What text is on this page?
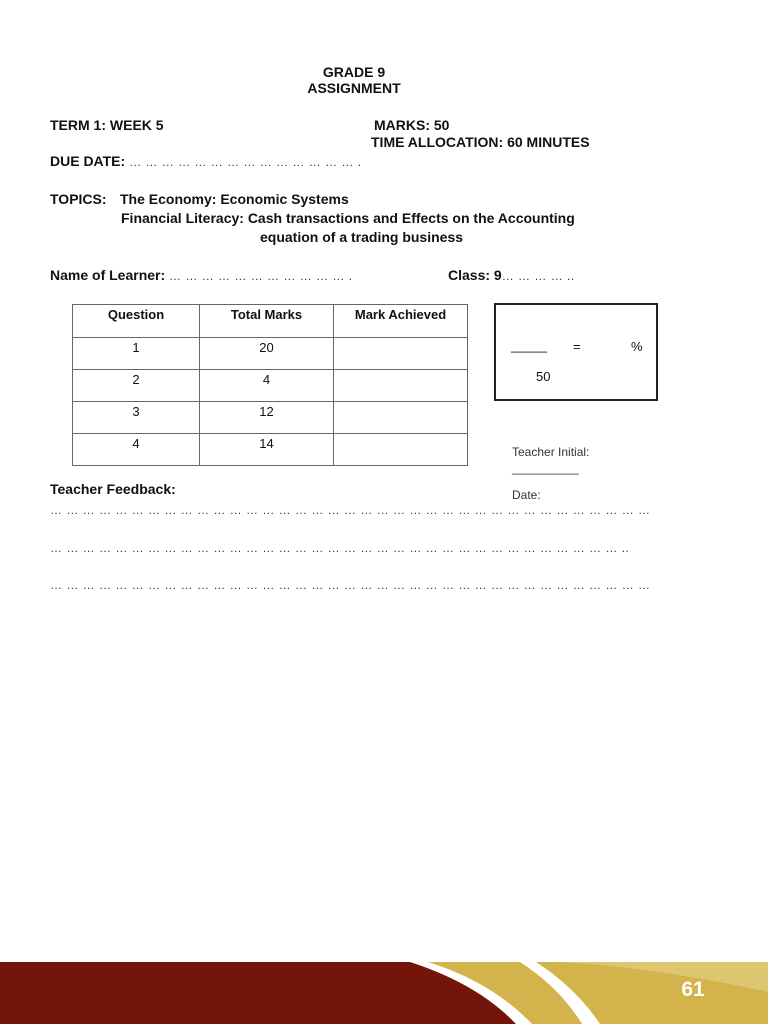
GRADE 9
ASSIGNMENT
TERM 1: WEEK 5	MARKS: 50
TIME ALLOCATION: 60 MINUTES
DUE DATE: … … … … … … … … … … … … … … .
TOPICS: The Economy: Economic Systems
Financial Literacy: Cash transactions and Effects on the Accounting
equation of a trading business
Name of Learner: … … … … … … … … … … … .	Class: 9… … … … ..
Question	Total Marks	Mark Achieved
1	20	
2	4	
3	12	
4	14	
_____ =	%
50
Teacher Initial:
__________
Date:
Teacher Feedback:
… … … … … … … … … … … … … … … … … … … … … … … … … … … … … … … … … … … … …
… … … … … … … … … … … … … … … … … … … … … … … … … … … … … … … … … … … ..
… … … … … … … … … … … … … … … … … … … … … … … … … … … … … … … … … … … … …
61
